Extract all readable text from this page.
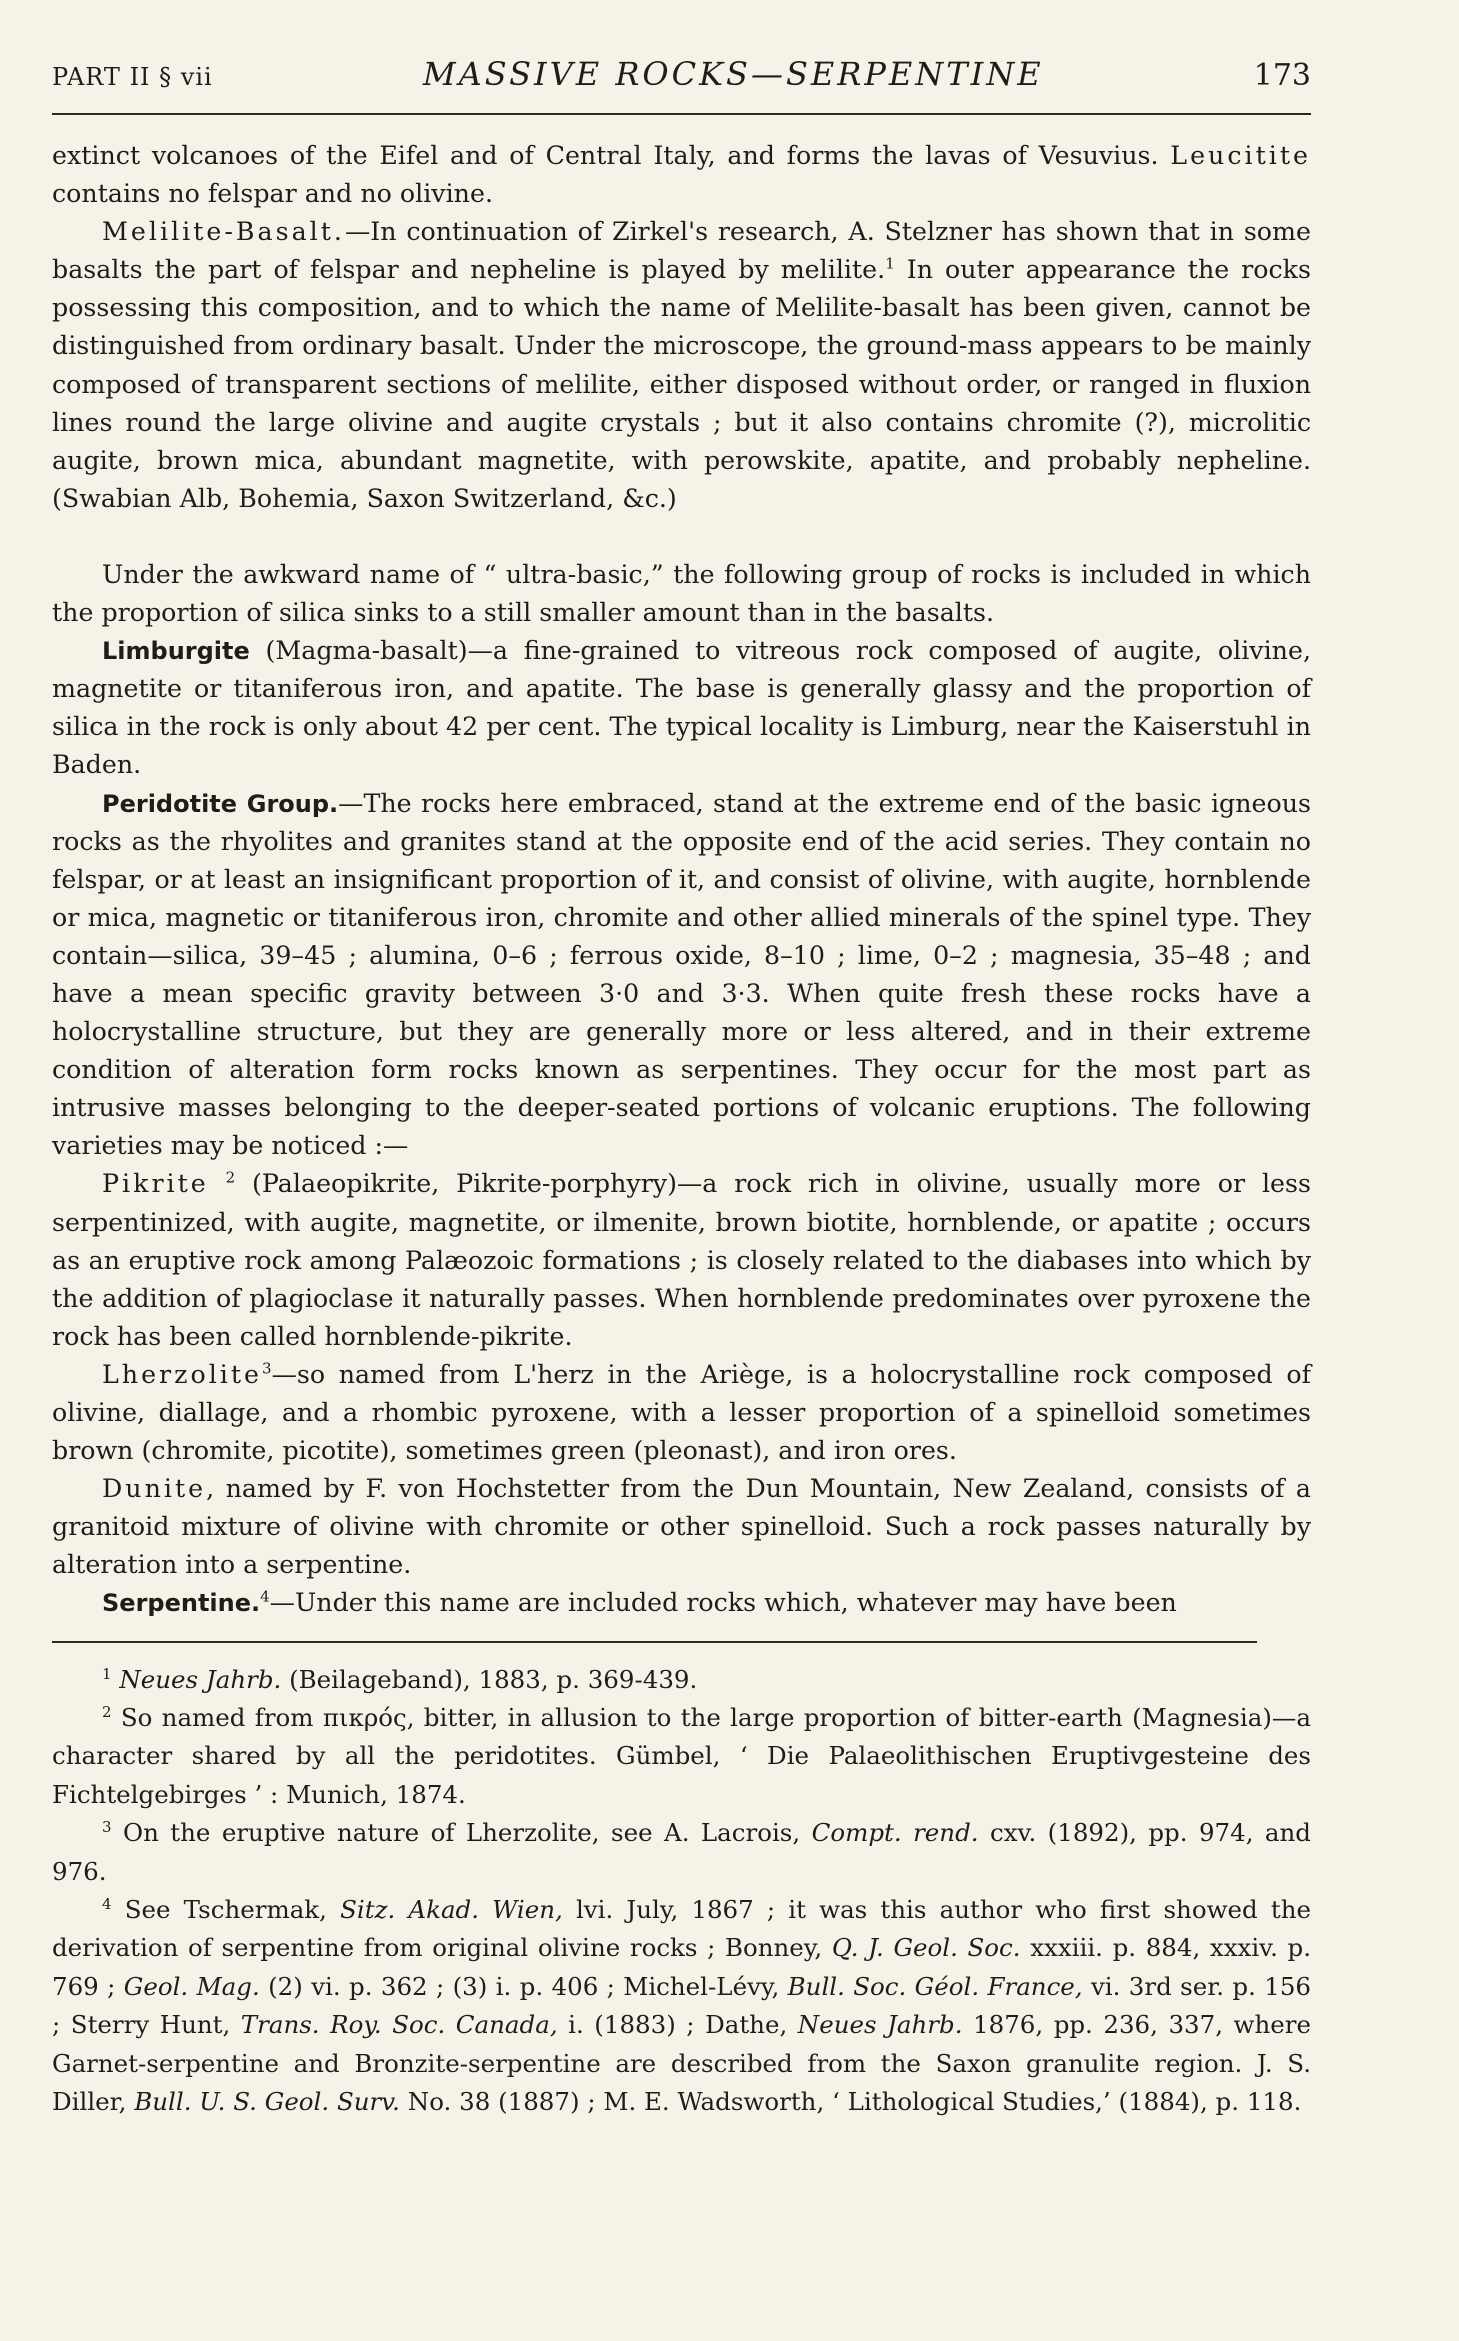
PART II § vii	MASSIVE ROCKS—SERPENTINE	173

extinct volcanoes of the Eifel and of Central Italy, and forms the lavas of Vesuvius. Leucitite contains no felspar and no olivine.

Melilite-Basalt.—In continuation of Zirkel's research, A. Stelzner has shown that in some basalts the part of felspar and nepheline is played by melilite.$^1$ In outer appearance the rocks possessing this composition, and to which the name of Melilite-basalt has been given, cannot be distinguished from ordinary basalt. Under the microscope, the ground-mass appears to be mainly composed of transparent sections of melilite, either disposed without order, or ranged in fluxion lines round the large olivine and augite crystals ; but it also contains chromite (?), microlitic augite, brown mica, abundant magnetite, with perowskite, apatite, and probably nepheline. (Swabian Alb, Bohemia, Saxon Switzerland, &c.)

Under the awkward name of “ ultra-basic,” the following group of rocks is included in which the proportion of silica sinks to a still smaller amount than in the basalts.

Limburgite (Magma-basalt)—a fine-grained to vitreous rock composed of augite, olivine, magnetite or titaniferous iron, and apatite. The base is generally glassy and the proportion of silica in the rock is only about 42 per cent. The typical locality is Limburg, near the Kaiserstuhl in Baden.

Peridotite Group.—The rocks here embraced, stand at the extreme end of the basic igneous rocks as the rhyolites and granites stand at the opposite end of the acid series. They contain no felspar, or at least an insignificant proportion of it, and consist of olivine, with augite, hornblende or mica, magnetic or titaniferous iron, chromite and other allied minerals of the spinel type. They contain—silica, 39–45 ; alumina, 0–6 ; ferrous oxide, 8–10 ; lime, 0–2 ; magnesia, 35–48 ; and have a mean specific gravity between 3·0 and 3·3. When quite fresh these rocks have a holocrystalline structure, but they are generally more or less altered, and in their extreme condition of alteration form rocks known as serpentines. They occur for the most part as intrusive masses belonging to the deeper-seated portions of volcanic eruptions. The following varieties may be noticed :—

Pikrite $^2$ (Palaeopikrite, Pikrite-porphyry)—a rock rich in olivine, usually more or less serpentinized, with augite, magnetite, or ilmenite, brown biotite, hornblende, or apatite ; occurs as an eruptive rock among Palæozoic formations ; is closely related to the diabases into which by the addition of plagioclase it naturally passes. When hornblende predominates over pyroxene the rock has been called hornblende-pikrite.

Lherzolite$^3$—so named from L'herz in the Ariège, is a holocrystalline rock composed of olivine, diallage, and a rhombic pyroxene, with a lesser proportion of a spinelloid sometimes brown (chromite, picotite), sometimes green (pleonast), and iron ores.

Dunite, named by F. von Hochstetter from the Dun Mountain, New Zealand, consists of a granitoid mixture of olivine with chromite or other spinelloid. Such a rock passes naturally by alteration into a serpentine.

Serpentine.$^4$—Under this name are included rocks which, whatever may have been

$^1$ Neues Jahrb. (Beilageband), 1883, p. 369-439.

$^2$ So named from πικρός, bitter, in allusion to the large proportion of bitter-earth (Magnesia)—a character shared by all the peridotites. Gümbel, ‘ Die Palaeolithischen Eruptivgesteine des Fichtelgebirges ’ : Munich, 1874.

$^3$ On the eruptive nature of Lherzolite, see A. Lacrois, Compt. rend. cxv. (1892), pp. 974, and 976.

$^4$ See Tschermak, Sitz. Akad. Wien, lvi. July, 1867 ; it was this author who first showed the derivation of serpentine from original olivine rocks ; Bonney, Q. J. Geol. Soc. xxxiii. p. 884, xxxiv. p. 769 ; Geol. Mag. (2) vi. p. 362 ; (3) i. p. 406 ; Michel-Lévy, Bull. Soc. Géol. France, vi. 3rd ser. p. 156 ; Sterry Hunt, Trans. Roy. Soc. Canada, i. (1883) ; Dathe, Neues Jahrb. 1876, pp. 236, 337, where Garnet-serpentine and Bronzite-serpentine are described from the Saxon granulite region. J. S. Diller, Bull. U. S. Geol. Surv. No. 38 (1887) ; M. E. Wadsworth, ‘ Lithological Studies,’ (1884), p. 118.
